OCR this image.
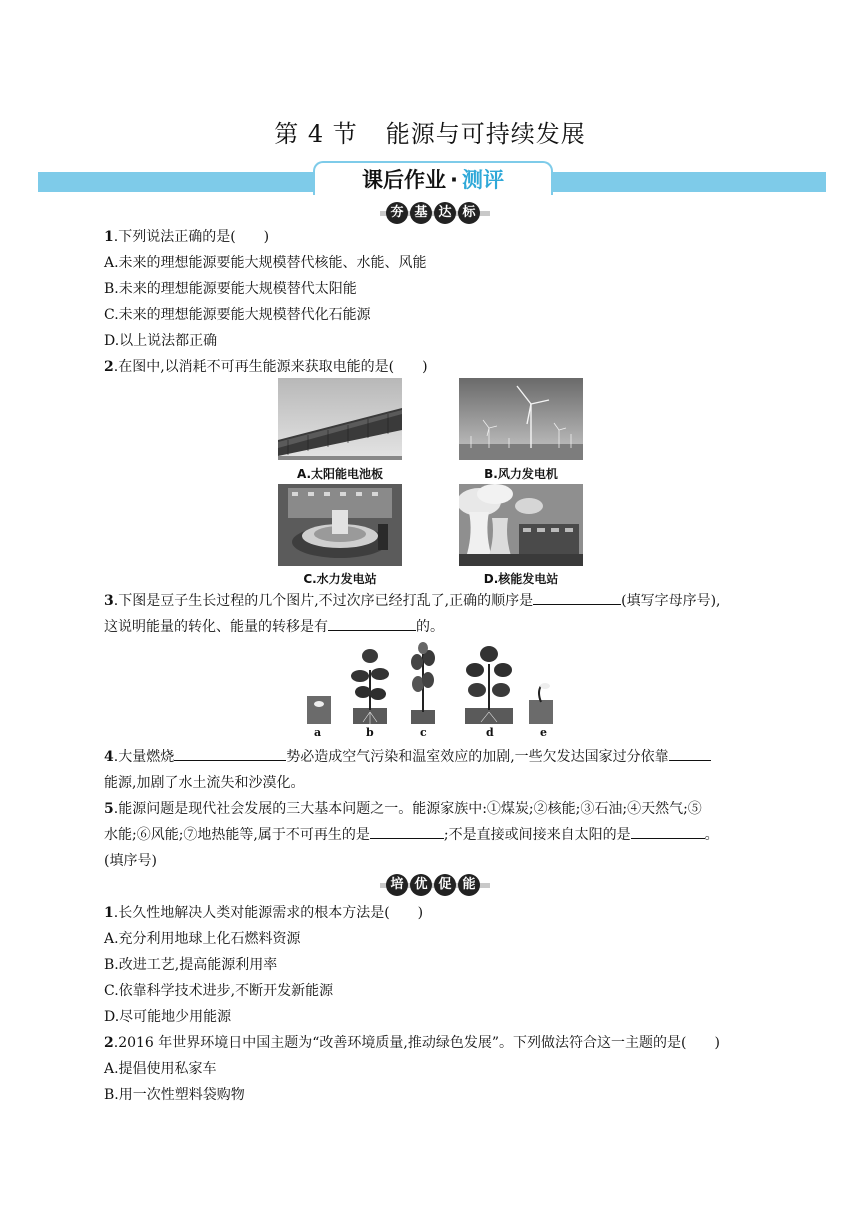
第 4 节 能源与可持续发展
课后作业 · 测评
夯 基 达 标
1.下列说法正确的是(　　)
A.未来的理想能源要能大规模替代核能、水能、风能
B.未来的理想能源要能大规模替代太阳能
C.未来的理想能源要能大规模替代化石能源
D.以上说法都正确
2.在图中,以消耗不可再生能源来获取电能的是(　　)
A.太阳能电池板	B.风力发电机
C.水力发电站	D.核能发电站
3.下图是豆子生长过程的几个图片,不过次序已经打乱了,正确的顺序是	(填写字母序号),
这说明能量的转化、能量的转移是有	的。
a	b	c	d	e
4.大量燃烧	势必造成空气污染和温室效应的加剧,一些欠发达国家过分依靠
能源,加剧了水土流失和沙漠化。
5.能源问题是现代社会发展的三大基本问题之一。能源家族中:①煤炭;②核能;③石油;④天然气;⑤
水能;⑥风能;⑦地热能等,属于不可再生的是	;不是直接或间接来自太阳的是	。
(填序号)
培 优 促 能
1.长久性地解决人类对能源需求的根本方法是(　　)
A.充分利用地球上化石燃料资源
B.改进工艺,提高能源利用率
C.依靠科学技术进步,不断开发新能源
D.尽可能地少用能源
2.2016 年世界环境日中国主题为“改善环境质量,推动绿色发展”。下列做法符合这一主题的是(　　)
A.提倡使用私家车
B.用一次性塑料袋购物
